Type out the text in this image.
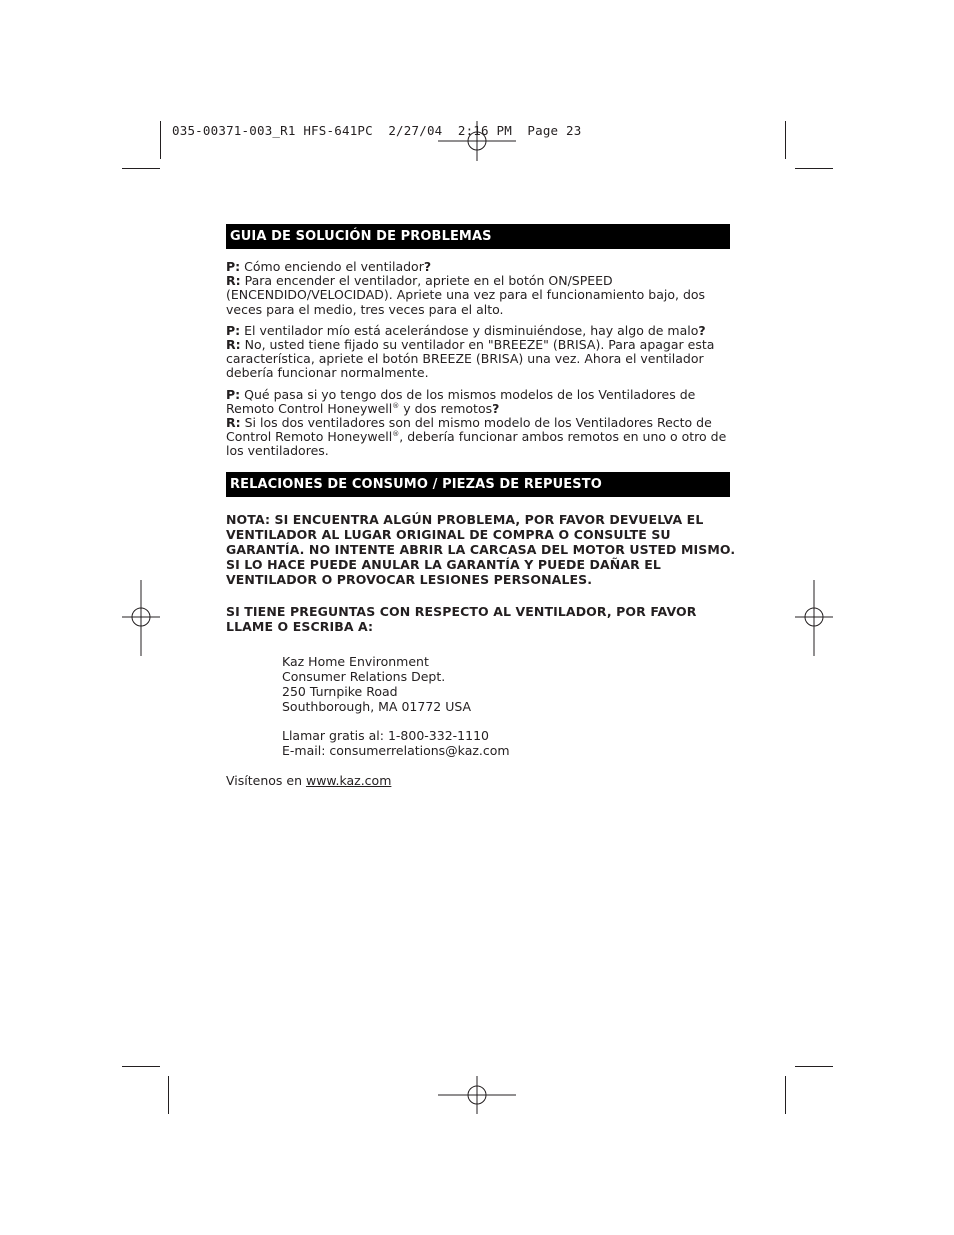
035-00371-003_R1 HFS-641PC  2/27/04  2:16 PM  Page 23
GUIA DE SOLUCIÓN DE PROBLEMAS

P: Cómo enciendo el ventilador?

R: Para encender el ventilador, apriete en el botón ON/SPEED (ENCENDIDO/VELOCIDAD). Apriete una vez para el funcionamiento bajo, dos veces para el medio, tres veces para el alto.

P: El ventilador mío está acelerándose y disminuiéndose, hay algo de malo?

R: No, usted tiene fijado su ventilador en "BREEZE" (BRISA). Para apagar esta característica, apriete el botón BREEZE (BRISA) una vez. Ahora el ventilador debería funcionar normalmente.

P: Qué pasa si yo tengo dos de los mismos modelos de los Ventiladores de Remoto Control Honeywell® y dos remotos?

R: Si los dos ventiladores son del mismo modelo de los Ventiladores Recto de Control Remoto Honeywell®, debería funcionar ambos remotos en uno o otro de los ventiladores.

RELACIONES DE CONSUMO / PIEZAS DE REPUESTO
NOTA: SI ENCUENTRA ALGÚN PROBLEMA, POR FAVOR DEVUELVA EL VENTILADOR AL LUGAR ORIGINAL DE COMPRA O CONSULTE SU GARANTÍA. NO INTENTE ABRIR LA CARCASA DEL MOTOR USTED MISMO. SI LO HACE PUEDE ANULAR LA GARANTÍA Y PUEDE DAÑAR EL VENTILADOR O PROVOCAR LESIONES PERSONALES.
SI TIENE PREGUNTAS CON RESPECTO AL VENTILADOR, POR FAVOR LLAME O ESCRIBA A:
Kaz Home Environment
Consumer Relations Dept.
250 Turnpike Road
Southborough, MA 01772 USA
Llamar gratis al: 1-800-332-1110
E-mail: consumerrelations@kaz.com
Visítenos en www.kaz.com
